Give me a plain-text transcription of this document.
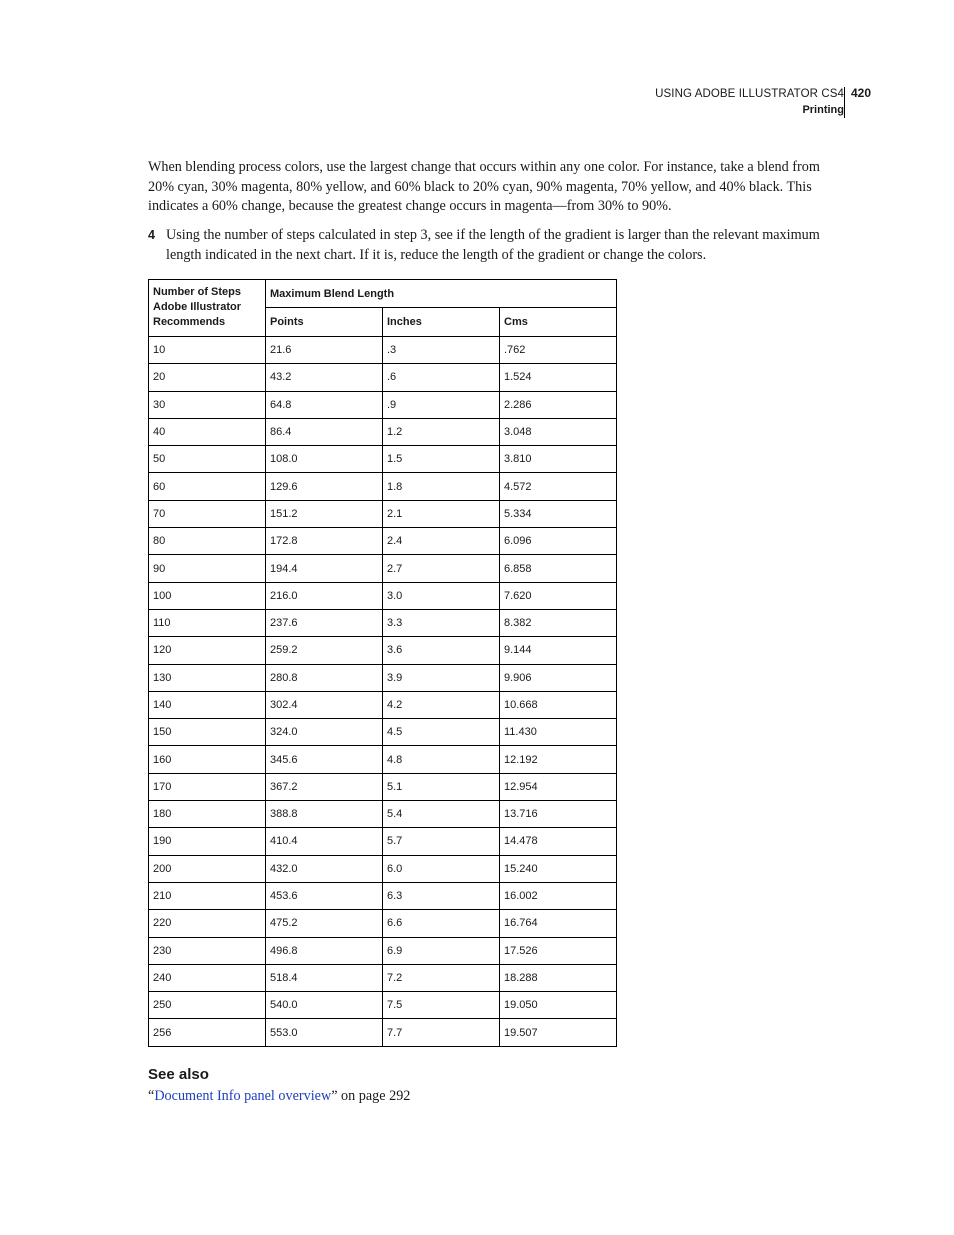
USING ADOBE ILLUSTRATOR CS4
Printing
420

When blending process colors, use the largest change that occurs within any one color. For instance, take a blend from 20% cyan, 30% magenta, 80% yellow, and 60% black to 20% cyan, 90% magenta, 70% yellow, and 40% black. This indicates a 60% change, because the greatest change occurs in magenta—from 30% to 90%.

4 Using the number of steps calculated in step 3, see if the length of the gradient is larger than the relevant maximum length indicated in the next chart. If it is, reduce the length of the gradient or change the colors.
Number of Steps Adobe Illustrator Recommends	Maximum Blend Length		
	Points	Inches	Cms
10	21.6	.3	.762
20	43.2	.6	1.524
30	64.8	.9	2.286
40	86.4	1.2	3.048
50	108.0	1.5	3.810
60	129.6	1.8	4.572
70	151.2	2.1	5.334
80	172.8	2.4	6.096
90	194.4	2.7	6.858
100	216.0	3.0	7.620
110	237.6	3.3	8.382
120	259.2	3.6	9.144
130	280.8	3.9	9.906
140	302.4	4.2	10.668
150	324.0	4.5	11.430
160	345.6	4.8	12.192
170	367.2	5.1	12.954
180	388.8	5.4	13.716
190	410.4	5.7	14.478
200	432.0	6.0	15.240
210	453.6	6.3	16.002
220	475.2	6.6	16.764
230	496.8	6.9	17.526
240	518.4	7.2	18.288
250	540.0	7.5	19.050
256	553.0	7.7	19.507
See also
“Document Info panel overview” on page 292
